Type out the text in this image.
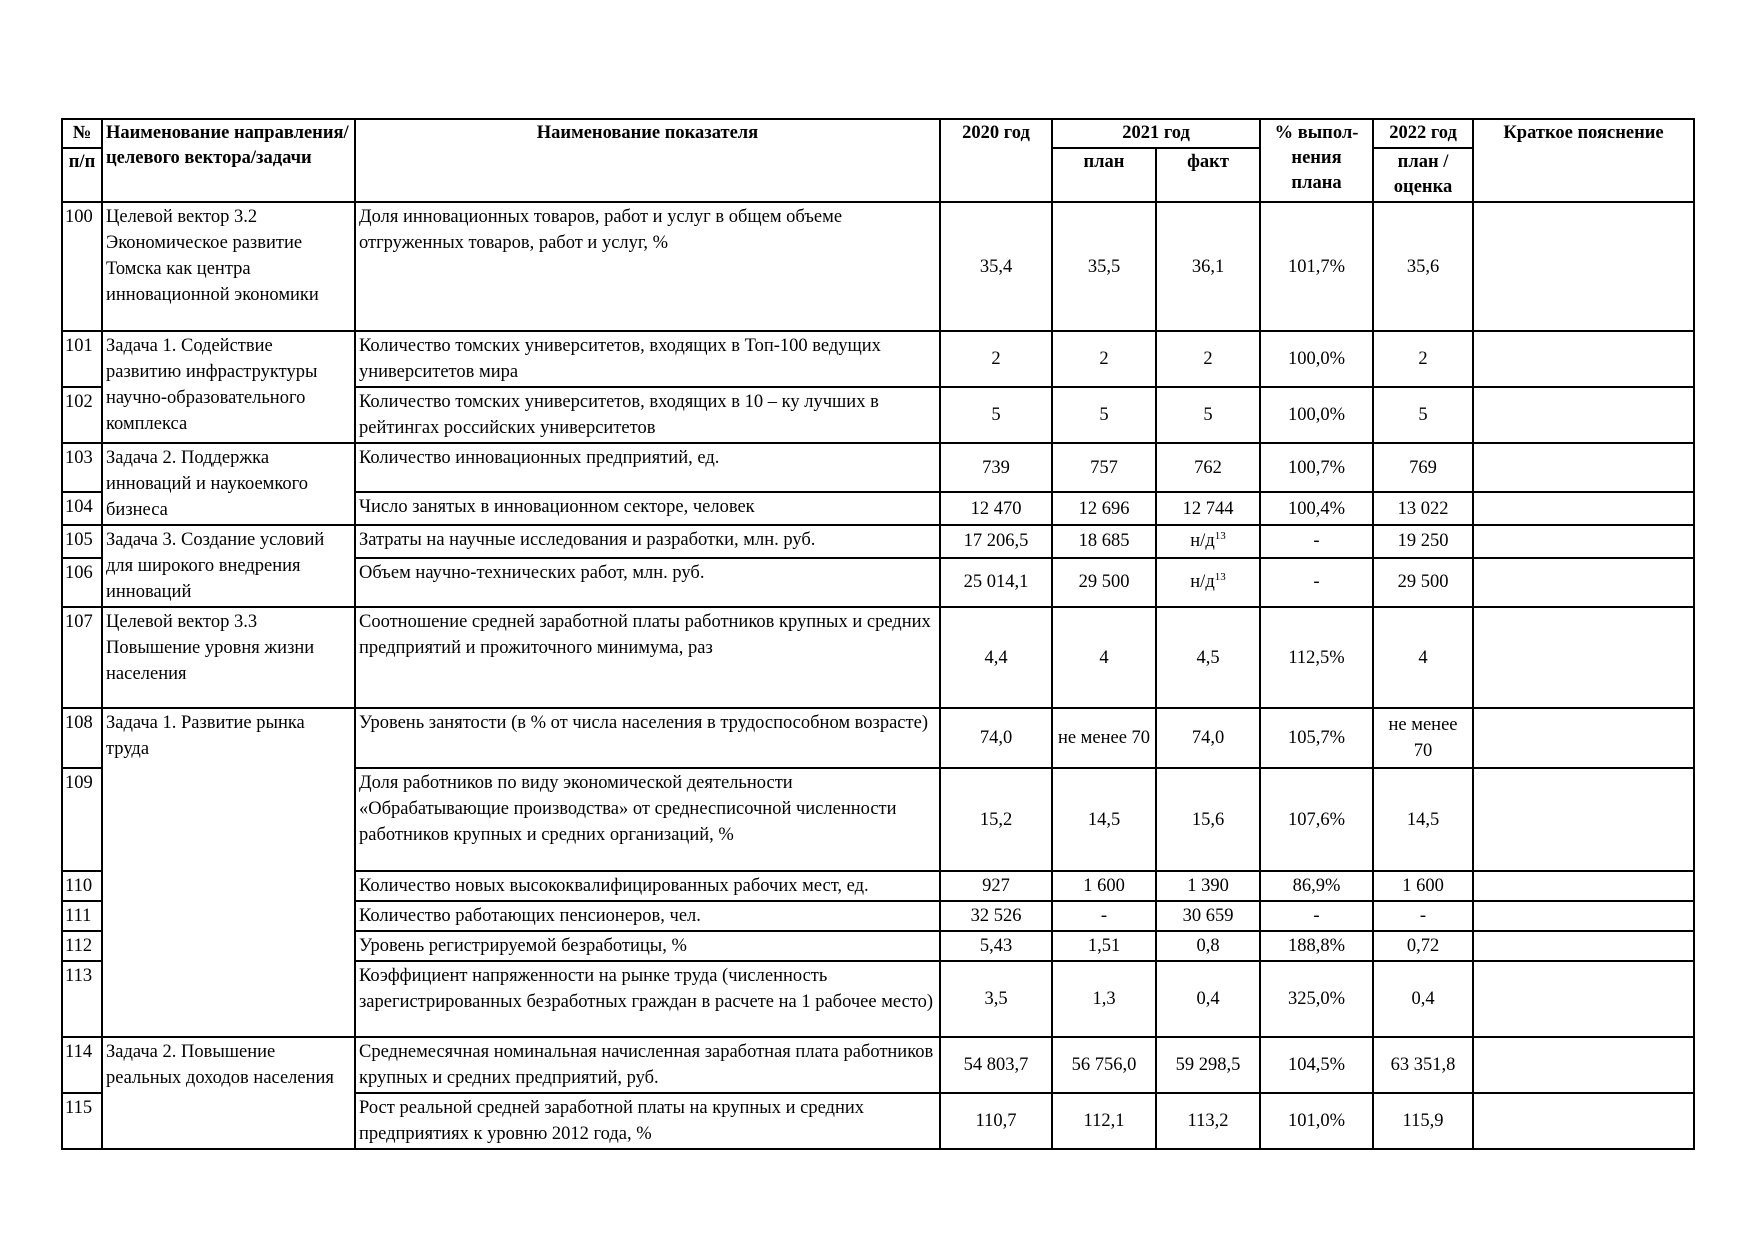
№	Наименование направления/целевого вектора/задачи	Наименование показателя	2020 год	2021 год		% выпол-нения плана	2022 год	Краткое пояснение
п/п				план	факт		план / оценка	
100	Целевой вектор 3.2 Экономическое развитие Томска как центра инновационной экономики	Доля инновационных товаров, работ и услуг в общем объеме отгруженных товаров, работ и услуг, %	35,4	35,5	36,1	101,7%	35,6	
101	Задача 1. Содействие развитию инфраструктуры научно-образовательного комплекса	Количество томских университетов, входящих в Топ-100 ведущих университетов мира	2	2	2	100,0%	2	
102		Количество томских университетов, входящих в 10 – ку лучших в рейтингах российских университетов	5	5	5	100,0%	5	
103	Задача 2. Поддержка инноваций и наукоемкого бизнеса	Количество инновационных предприятий, ед.	739	757	762	100,7%	769	
104		Число занятых в инновационном секторе, человек	12 470	12 696	12 744	100,4%	13 022	
105	Задача 3. Создание условий для широкого внедрения инноваций	Затраты на научные исследования и разработки, млн. руб.	17 206,5	18 685	$н/д^{13}$	-	19 250	
106		Объем научно-технических работ, млн. руб.	25 014,1	29 500	$н/д^{13}$	-	29 500	
107	Целевой вектор 3.3 Повышение уровня жизни населения	Соотношение средней заработной платы работников крупных и средних предприятий и прожиточного минимума, раз	4,4	4	4,5	112,5%	4	
108	Задача 1. Развитие рынка труда	Уровень занятости (в % от числа населения в трудоспособном возрасте)	74,0	не менее 70	74,0	105,7%	не менее 70	
109		Доля работников по виду экономической деятельности «Обрабатывающие производства» от среднесписочной численности работников крупных и средних организаций, %	15,2	14,5	15,6	107,6%	14,5	
110		Количество новых высококвалифицированных рабочих мест, ед.	927	1 600	1 390	86,9%	1 600	
111		Количество работающих пенсионеров, чел.	32 526	-	30 659	-	-	
112		Уровень регистрируемой безработицы, %	5,43	1,51	0,8	188,8%	0,72	
113		Коэффициент напряженности на рынке труда (численность зарегистрированных безработных граждан в расчете на 1 рабочее место)	3,5	1,3	0,4	325,0%	0,4	
114	Задача 2. Повышение реальных доходов населения	Среднемесячная номинальная начисленная заработная плата работников крупных и средних предприятий, руб.	54 803,7	56 756,0	59 298,5	104,5%	63 351,8	
115		Рост реальной средней заработной платы на крупных и средних предприятиях к уровню 2012 года, %	110,7	112,1	113,2	101,0%	115,9	
